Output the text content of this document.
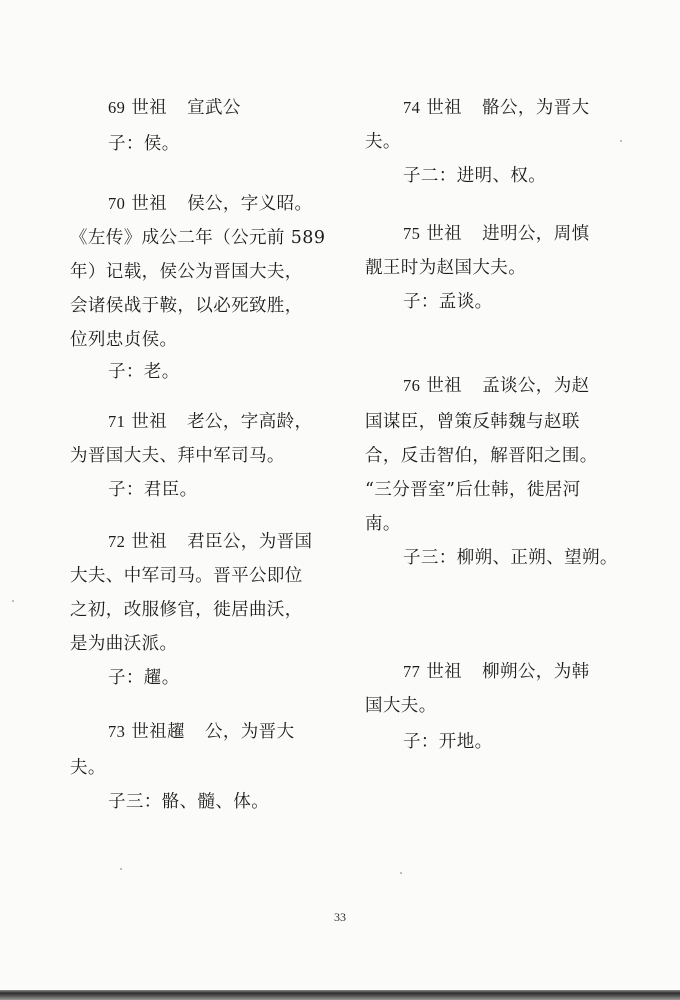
69 世祖 宣武公
子：侯。
70 世祖 侯公，字义昭。
《左传》成公二年（公元前 589
年）记载，侯公为晋国大夫，
会诸侯战于鞍，以必死致胜，
位列忠贞侯。
子：老。
71 世祖 老公，字高龄，
为晋国大夫、拜中军司马。
子：君臣。
72 世祖 君臣公，为晋国
大夫、中军司马。晋平公即位
之初，改服修官，徙居曲沃，
是为曲沃派。
子：趯。
73 世祖趯 公，为晋大
夫。
子三：骼、髓、体。
74 世祖 骼公，为晋大
夫。
子二：进明、权。
75 世祖 进明公，周慎
靓王时为赵国大夫。
子：孟谈。
76 世祖 孟谈公，为赵
国谋臣，曾策反韩魏与赵联
合，反击智伯，解晋阳之围。
“三分晋室”后仕韩，徙居河
南。
子三：柳朔、正朔、望朔。
77 世祖 柳朔公，为韩
国大夫。
子：开地。
33
